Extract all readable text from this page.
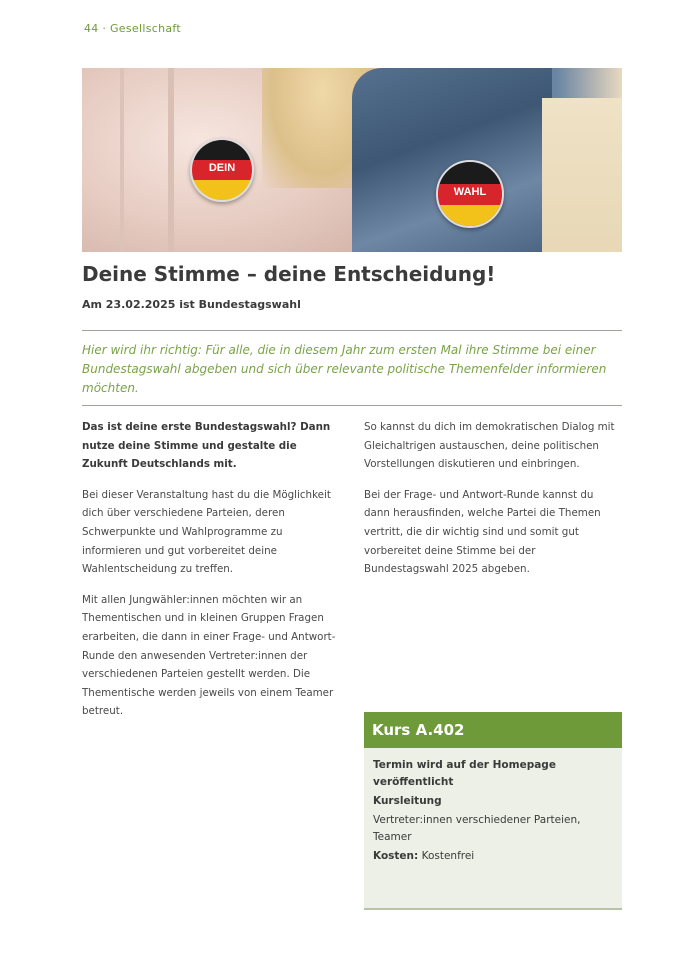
44 · Gesellschaft
DEIN
WAHL
Deine Stimme – deine Entscheidung!
Am 23.02.2025 ist Bundestagswahl
Hier wird ihr richtig: Für alle, die in diesem Jahr zum ersten Mal ihre Stimme bei einer Bundestagswahl abgeben und sich über relevante politische Themenfelder informieren möchten.

Das ist deine erste Bundestagswahl? Dann nutze deine Stimme und gestalte die Zukunft Deutschlands mit.

Bei dieser Veranstaltung hast du die Möglichkeit dich über verschiedene Parteien, deren Schwerpunkte und Wahlprogramme zu informieren und gut vorbereitet deine Wahlentscheidung zu treffen.

Mit allen Jungwähler:innen möchten wir an Thementischen und in kleinen Gruppen Fragen erarbeiten, die dann in einer Frage- und Antwort-Runde den anwesenden Vertreter:innen der verschiedenen Parteien gestellt werden. Die Thementische werden jeweils von einem Teamer betreut.

So kannst du dich im demokratischen Dialog mit Gleichaltrigen austauschen, deine politischen Vorstellungen diskutieren und einbringen.

Bei der Frage- und Antwort-Runde kannst du dann herausfinden, welche Partei die Themen vertritt, die dir wichtig sind und somit gut vorbereitet deine Stimme bei der Bundestagswahl 2025 abgeben.

Kurs A.402
Termin wird auf der Homepage veröffentlicht
Kursleitung
Vertreter:innen verschiedener Parteien, Teamer
Kosten: Kostenfrei
